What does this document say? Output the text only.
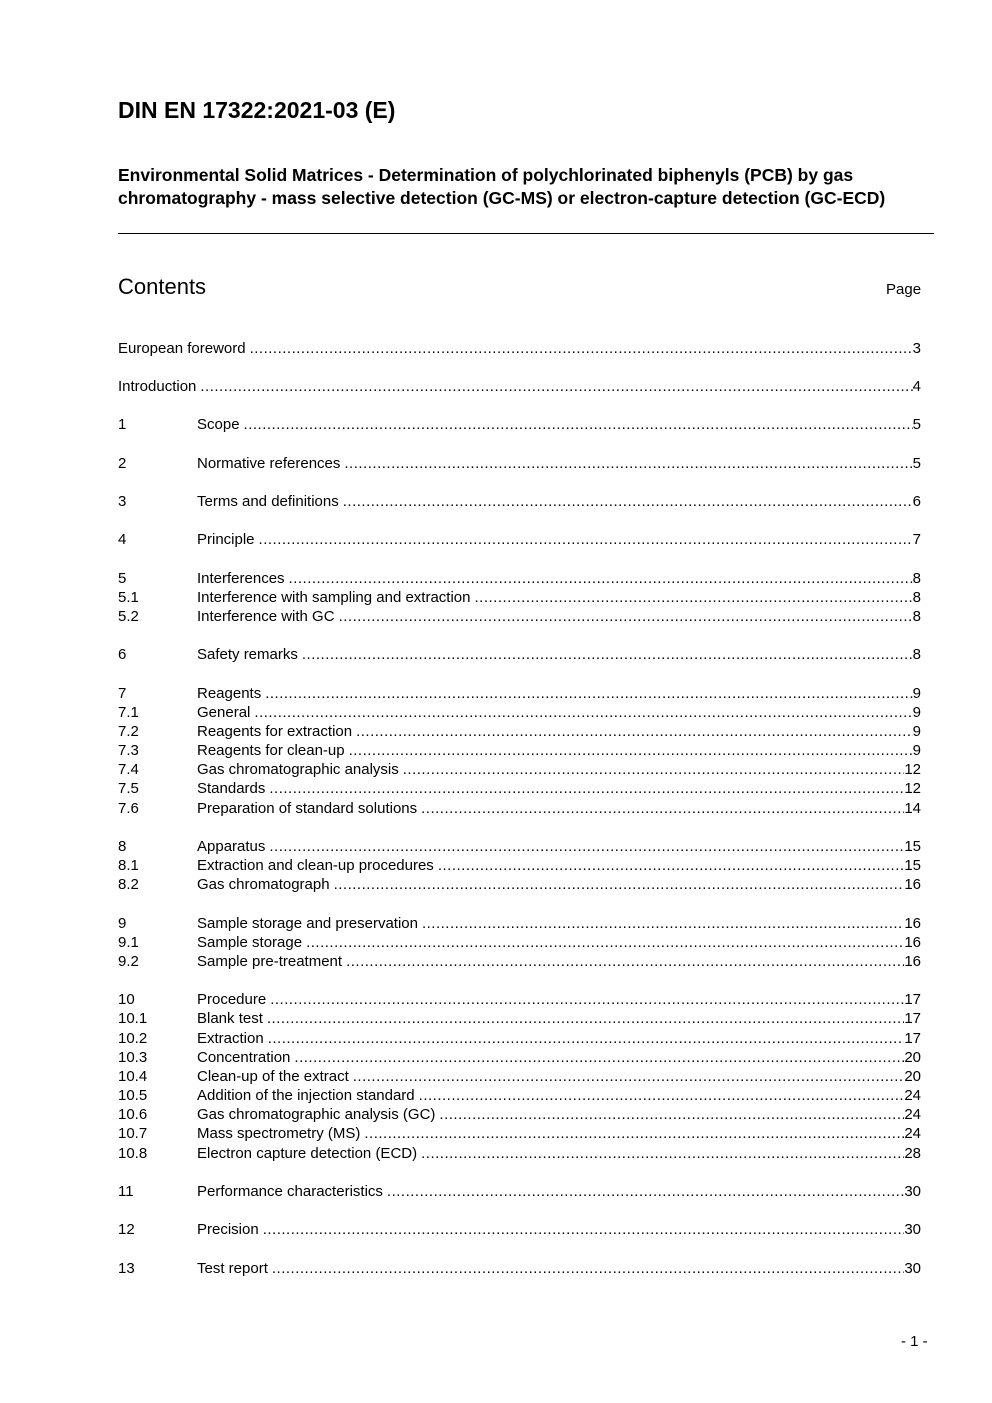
DIN EN 17322:2021-03 (E)
Environmental Solid Matrices - Determination of polychlorinated biphenyls (PCB) by gas chromatography - mass selective detection (GC-MS) or electron-capture detection (GC-ECD)
Contents	Page
European foreword .....	3
Introduction .....	4
1	Scope .....	5
2	Normative references .....	5
3	Terms and definitions .....	6
4	Principle .....	7
5	Interferences .....	8
5.1	Interference with sampling and extraction .....	8
5.2	Interference with GC .....	8
6	Safety remarks .....	8
7	Reagents .....	9
7.1	General .....	9
7.2	Reagents for extraction .....	9
7.3	Reagents for clean-up .....	9
7.4	Gas chromatographic analysis .....	12
7.5	Standards .....	12
7.6	Preparation of standard solutions .....	14
8	Apparatus .....	15
8.1	Extraction and clean-up procedures .....	15
8.2	Gas chromatograph .....	16
9	Sample storage and preservation .....	16
9.1	Sample storage .....	16
9.2	Sample pre-treatment .....	16
10	Procedure .....	17
10.1	Blank test .....	17
10.2	Extraction .....	17
10.3	Concentration .....	20
10.4	Clean-up of the extract .....	20
10.5	Addition of the injection standard .....	24
10.6	Gas chromatographic analysis (GC) .....	24
10.7	Mass spectrometry (MS) .....	24
10.8	Electron capture detection (ECD) .....	28
11	Performance characteristics .....	30
12	Precision .....	30
13	Test report .....	30
- 1 -
